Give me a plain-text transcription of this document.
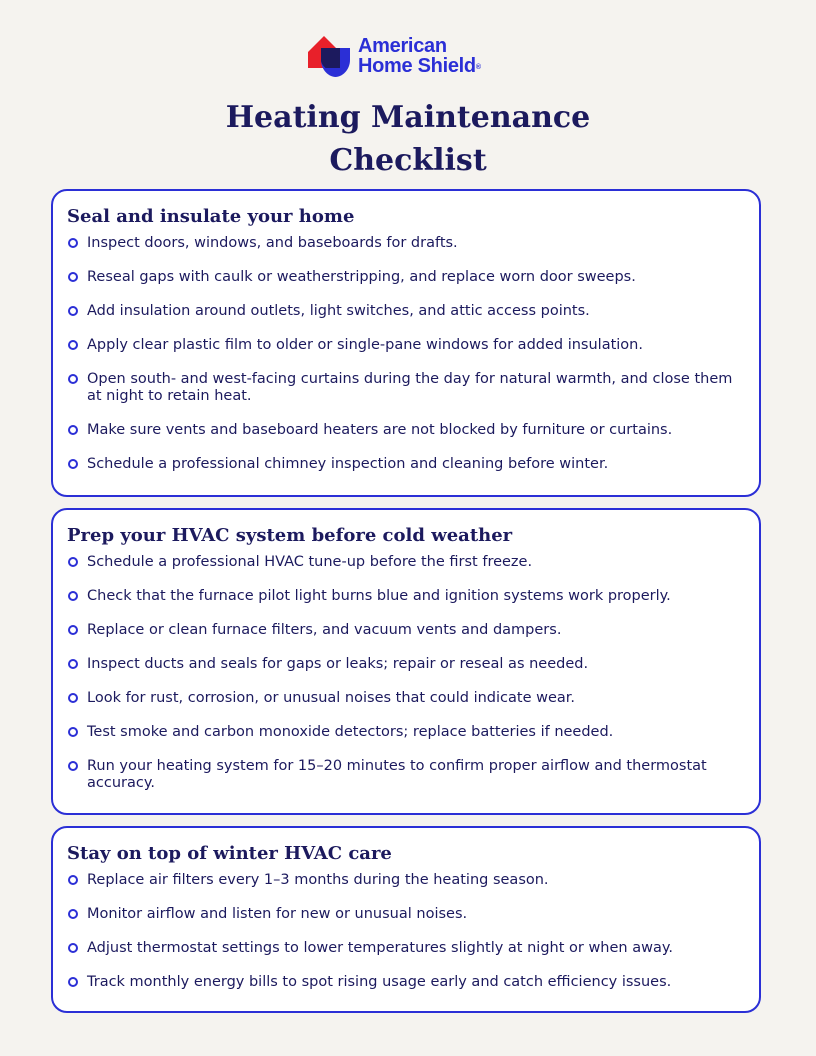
American
Home Shield®
Heating Maintenance
Checklist
Seal and insulate your home
Inspect doors, windows, and baseboards for drafts.
Reseal gaps with caulk or weatherstripping, and replace worn door sweeps.
Add insulation around outlets, light switches, and attic access points.
Apply clear plastic film to older or single-pane windows for added insulation.
Open south- and west-facing curtains during the day for natural warmth, and close them at night to retain heat.
Make sure vents and baseboard heaters are not blocked by furniture or curtains.
Schedule a professional chimney inspection and cleaning before winter.
Prep your HVAC system before cold weather
Schedule a professional HVAC tune-up before the first freeze.
Check that the furnace pilot light burns blue and ignition systems work properly.
Replace or clean furnace filters, and vacuum vents and dampers.
Inspect ducts and seals for gaps or leaks; repair or reseal as needed.
Look for rust, corrosion, or unusual noises that could indicate wear.
Test smoke and carbon monoxide detectors; replace batteries if needed.
Run your heating system for 15–20 minutes to confirm proper airflow and thermostat accuracy.
Stay on top of winter HVAC care
Replace air filters every 1–3 months during the heating season.
Monitor airflow and listen for new or unusual noises.
Adjust thermostat settings to lower temperatures slightly at night or when away.
Track monthly energy bills to spot rising usage early and catch efficiency issues.
